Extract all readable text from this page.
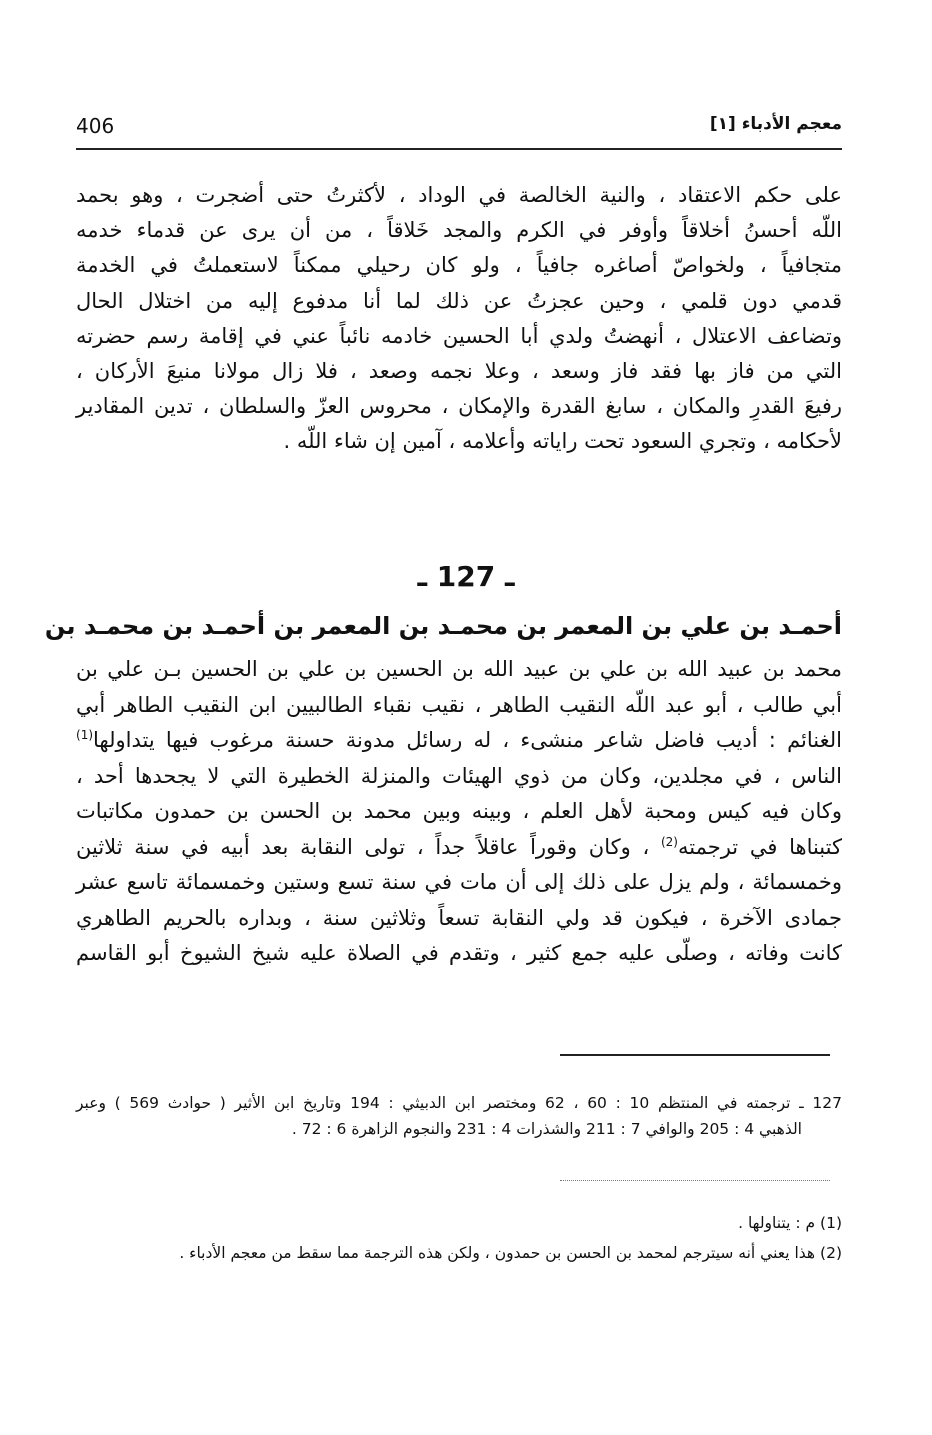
معجم الأدباء [١]
406
على حكم الاعتقاد ، والنية الخالصة في الوداد ، لأكثرتُ حتى أضجرت ، وهو بحمد
اللّه أحسنُ أخلاقاً وأوفر في الكرم والمجد خَلاقاً ، من أن يرى عن قدماء خدمه
متجافياً ، ولخواصّ أصاغره جافياً ، ولو كان رحيلي ممكناً لاستعملتُ في الخدمة
قدمي دون قلمي ، وحين عجزتُ عن ذلك لما أنا مدفوع إليه من اختلال الحال
وتضاعف الاعتلال ، أنهضتُ ولدي أبا الحسين خادمه نائباً عني في إقامة رسم حضرته
التي من فاز بها فقد فاز وسعد ، وعلا نجمه وصعد ، فلا زال مولانا منيعَ الأركان ،
رفيعَ القدرِ والمكان ، سابغ القدرة والإمكان ، محروس العزّ والسلطان ، تدين المقادير
لأحكامه ، وتجري السعود تحت راياته وأعلامه ، آمين إن شاء اللّه .
ـ 127 ـ
أحمـد بن علي بن المعمر بن محمـد بن المعمر بن أحمـد بن محمـد بن
محمد بن عبيد الله بن علي بن عبيد الله بن الحسين بن علي بن الحسين بـن علي بن
أبي طالب ، أبو عبد اللّه النقيب الطاهر ، نقيب نقباء الطالبيين ابن النقيب الطاهر أبي
الغنائم : أديب فاضل شاعر منشىء ، له رسائل مدونة حسنة مرغوب فيها يتداولها$^{(1)}$
الناس ، في مجلدين، وكان من ذوي الهيئات والمنزلة الخطيرة التي لا يجحدها أحد ،
وكان فيه كيس ومحبة لأهل العلم ، وبينه وبين محمد بن الحسن بن حمدون مكاتبات
كتبناها في ترجمته$^{(2)}$ ، وكان وقوراً عاقلاً جداً ، تولى النقابة بعد أبيه في سنة ثلاثين
وخمسمائة ، ولم يزل على ذلك إلى أن مات في سنة تسع وستين وخمسمائة تاسع عشر
جمادى الآخرة ، فيكون قد ولي النقابة تسعاً وثلاثين سنة ، وبداره بالحريم الطاهري
كانت وفاته ، وصلّى عليه جمع كثير ، وتقدم في الصلاة عليه شيخ الشيوخ أبو القاسم
127 ـ ترجمته في المنتظم 10 : 60 ، 62 ومختصر ابن الدبيثي : 194 وتاريخ ابن الأثير ( حوادث 569 ) وعبر
الذهبي 4 : 205 والوافي 7 : 211 والشذرات 4 : 231 والنجوم الزاهرة 6 : 72 .
(1) م : يتناولها .
(2) هذا يعني أنه سيترجم لمحمد بن الحسن بن حمدون ، ولكن هذه الترجمة مما سقط من معجم الأدباء .
